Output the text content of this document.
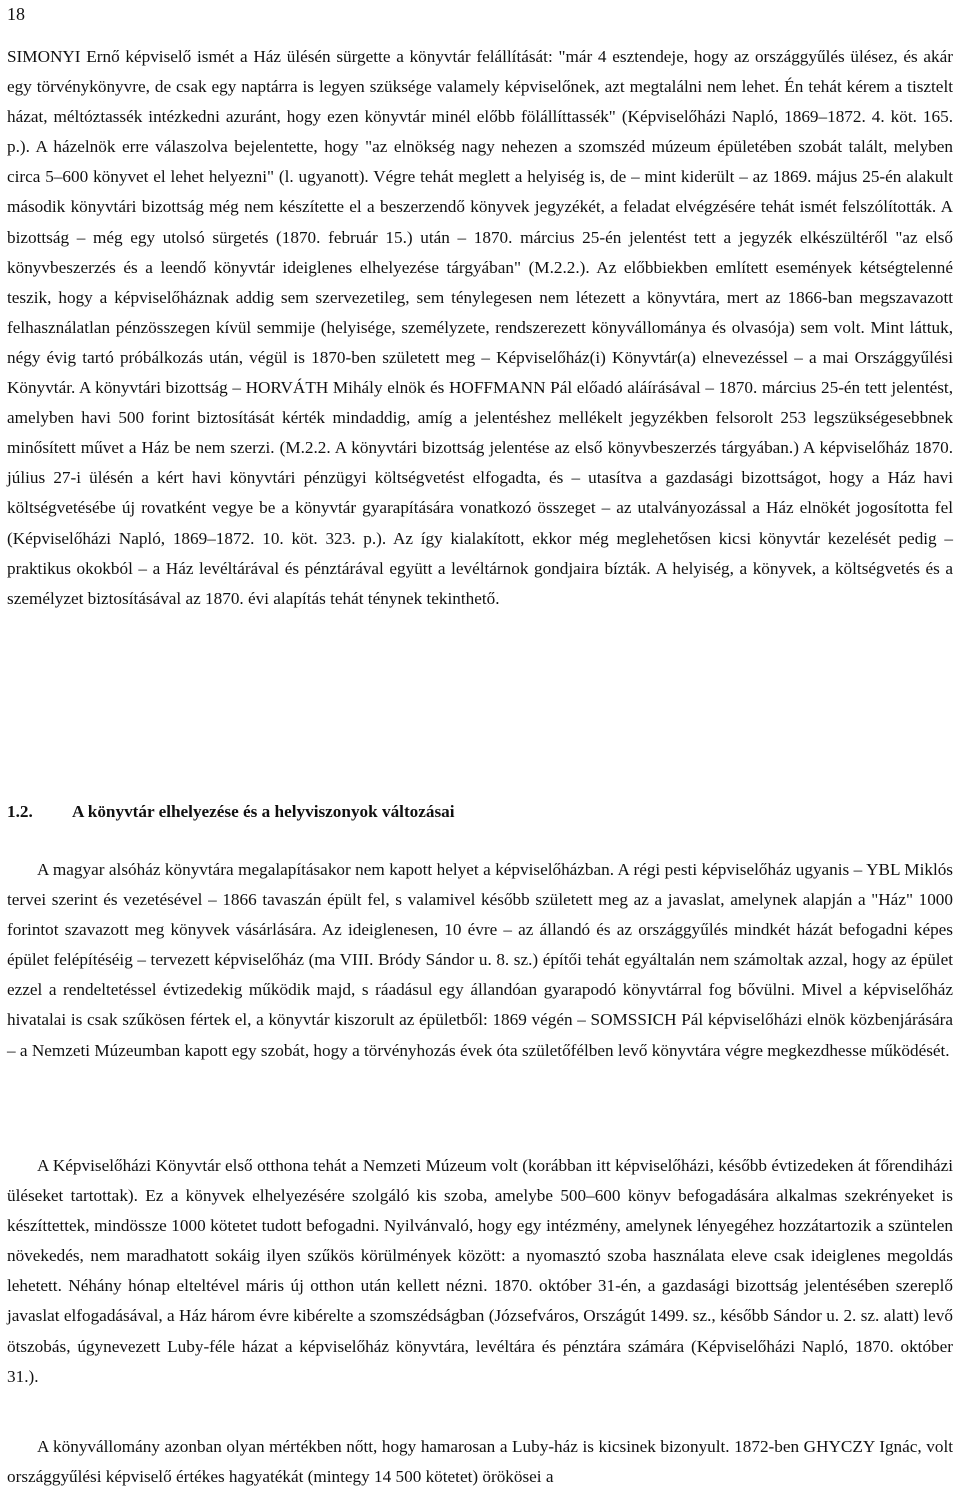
18

SIMONYI Ernő képviselő ismét a Ház ülésén sürgette a könyvtár felállítását: "már 4 esztendeje, hogy az országgyűlés ülésez, és akár egy törvénykönyvre, de csak egy naptárra is legyen szüksége valamely képviselőnek, azt megtalálni nem lehet. Én tehát kérem a tisztelt házat, méltóztassék intézkedni azuránt, hogy ezen könyvtár minél előbb fölállíttassék" (Képviselőházi Napló, 1869–1872. 4. köt. 165. p.). A házelnök erre válaszolva bejelentette, hogy "az elnökség nagy nehezen a szomszéd múzeum épületében szobát talált, melyben circa 5–600 könyvet el lehet helyezni" (l. ugyanott). Végre tehát meglett a helyiség is, de – mint kiderült – az 1869. május 25-én alakult második könyvtári bizottság még nem készítette el a beszerzendő könyvek jegyzékét, a feladat elvégzésére tehát ismét felszólították. A bizottság – még egy utolsó sürgetés (1870. február 15.) után – 1870. március 25-én jelentést tett a jegyzék elkészültéről "az első könyvbeszerzés és a leendő könyvtár ideiglenes elhelyezése tárgyában" (M.2.2.). Az előbbiekben említett események kétségtelenné teszik, hogy a képviselőháznak addig sem szervezetileg, sem ténylegesen nem létezett a könyvtára, mert az 1866-ban megszavazott felhasználatlan pénzösszegen kívül semmije (helyisége, személyzete, rendszerezett könyvállománya és olvasója) sem volt. Mint láttuk, négy évig tartó próbálkozás után, végül is 1870-ben született meg – Képviselőház(i) Könyvtár(a) elnevezéssel – a mai Országgyűlési Könyvtár. A könyvtári bizottság – HORVÁTH Mihály elnök és HOFFMANN Pál előadó aláírásával – 1870. március 25-én tett jelentést, amelyben havi 500 forint biztosítását kérték mindaddig, amíg a jelentéshez mellékelt jegyzékben felsorolt 253 legszükségesebbnek minősített művet a Ház be nem szerzi. (M.2.2. A könyvtári bizottság jelentése az első könyvbeszerzés tárgyában.) A képviselőház 1870. július 27-i ülésén a kért havi könyvtári pénzügyi költségvetést elfogadta, és – utasítva a gazdasági bizottságot, hogy a Ház havi költségvetésébe új rovatként vegye be a könyvtár gyarapítására vonatkozó összeget – az utalványozással a Ház elnökét jogosította fel (Képviselőházi Napló, 1869–1872. 10. köt. 323. p.). Az így kialakított, ekkor még meglehetősen kicsi könyvtár kezelését pedig – praktikus okokból – a Ház levéltárával és pénztárával együtt a levéltárnok gondjaira bízták. A helyiség, a könyvek, a költségvetés és a személyzet biztosításával az 1870. évi alapítás tehát ténynek tekinthető.

1.2. A könyvtár elhelyezése és a helyviszonyok változásai

A magyar alsóház könyvtára megalapításakor nem kapott helyet a képviselőházban. A régi pesti képviselőház ugyanis – YBL Miklós tervei szerint és vezetésével – 1866 tavaszán épült fel, s valamivel később született meg az a javaslat, amelynek alapján a "Ház" 1000 forintot szavazott meg könyvek vásárlására. Az ideiglenesen, 10 évre – az állandó és az országgyűlés mindkét házát befogadni képes épület felépítéséig – tervezett képviselőház (ma VIII. Bródy Sándor u. 8. sz.) építői tehát egyáltalán nem számoltak azzal, hogy az épület ezzel a rendeltetéssel évtizedekig működik majd, s ráadásul egy állandóan gyarapodó könyvtárral fog bővülni. Mivel a képviselőház hivatalai is csak szűkösen fértek el, a könyvtár kiszorult az épületből: 1869 végén – SOMSSICH Pál képviselőházi elnök közbenjárására – a Nemzeti Múzeumban kapott egy szobát, hogy a törvényhozás évek óta születőfélben levő könyvtára végre megkezdhesse működését.

A Képviselőházi Könyvtár első otthona tehát a Nemzeti Múzeum volt (korábban itt képviselőházi, később évtizedeken át főrendiházi üléseket tartottak). Ez a könyvek elhelyezésére szolgáló kis szoba, amelybe 500–600 könyv befogadására alkalmas szekrényeket is készíttettek, mindössze 1000 kötetet tudott befogadni. Nyilvánvaló, hogy egy intézmény, amelynek lényegéhez hozzátartozik a szüntelen növekedés, nem maradhatott sokáig ilyen szűkös körülmények között: a nyomasztó szoba használata eleve csak ideiglenes megoldás lehetett. Néhány hónap elteltével máris új otthon után kellett nézni. 1870. október 31-én, a gazdasági bizottság jelentésében szereplő javaslat elfogadásával, a Ház három évre kibérelte a szomszédságban (Józsefváros, Országút 1499. sz., később Sándor u. 2. sz. alatt) levő ötszobás, úgynevezett Luby-féle házat a képviselőház könyvtára, levéltára és pénztára számára (Képviselőházi Napló, 1870. október 31.).

A könyvállomány azonban olyan mértékben nőtt, hogy hamarosan a Luby-ház is kicsinek bizonyult. 1872-ben GHYCZY Ignác, volt országgyűlési képviselő értékes hagyatékát (mintegy 14 500 kötetet) örökösei a
